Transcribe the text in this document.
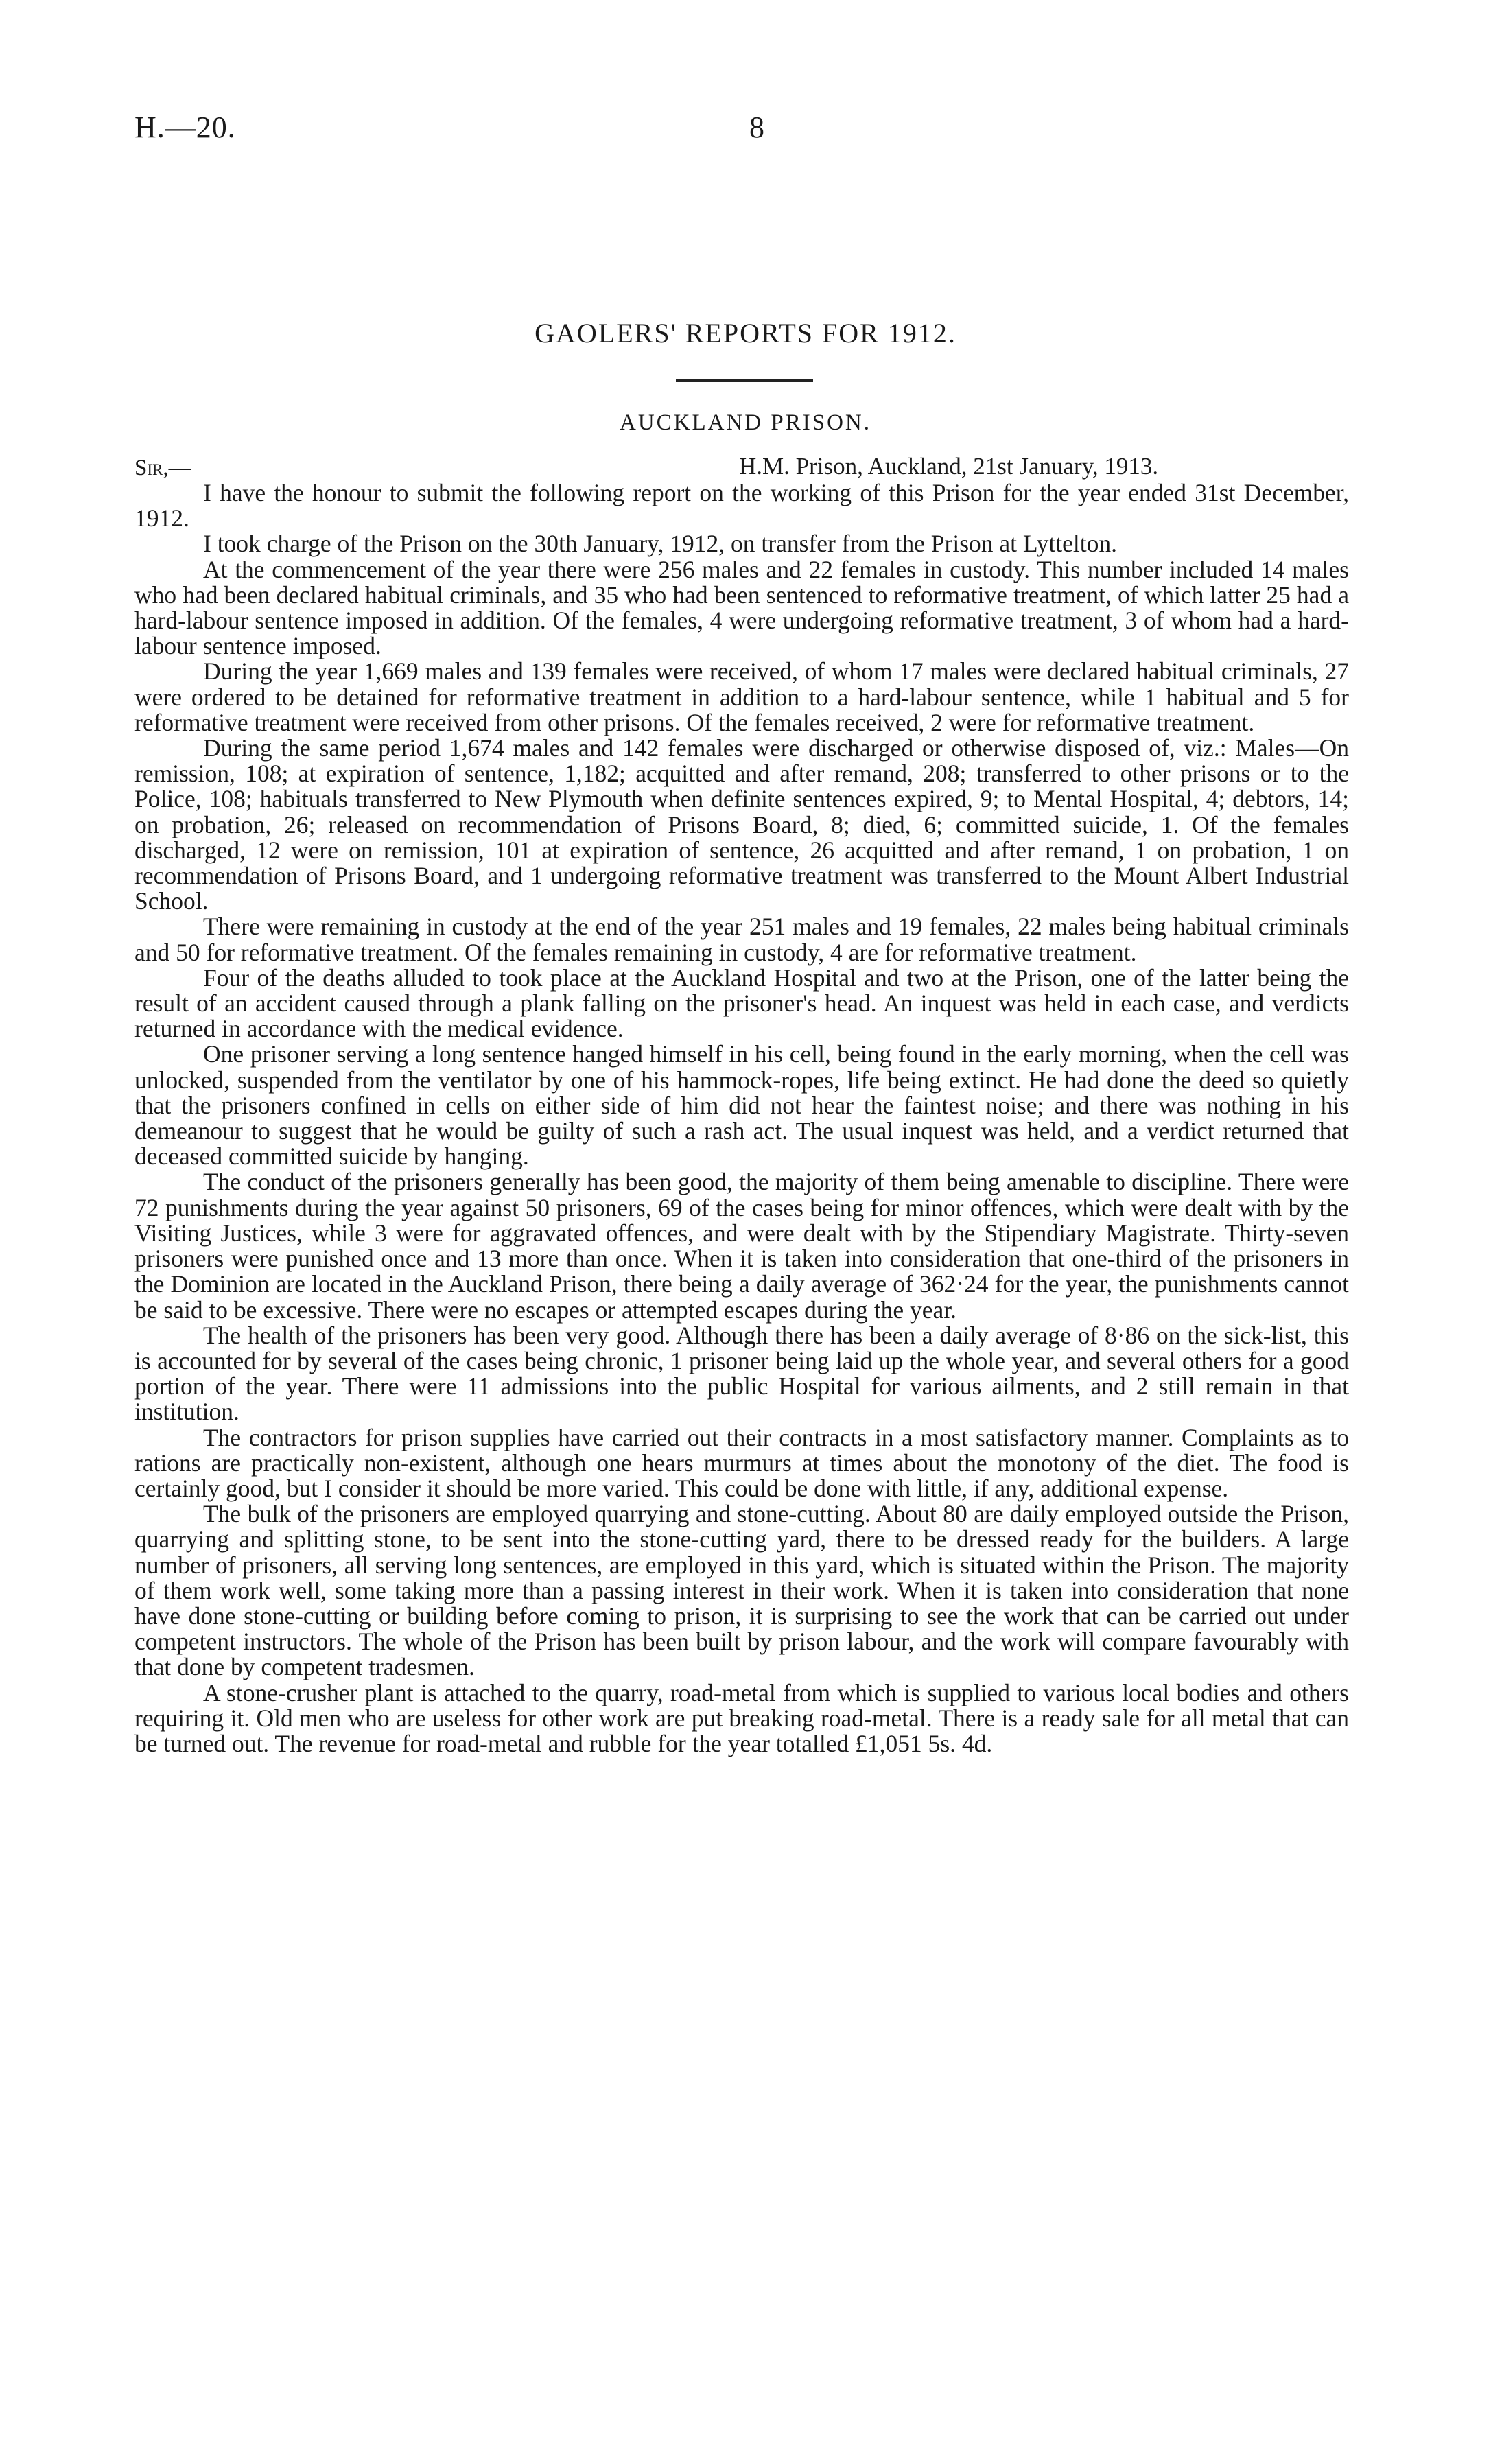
H.—20.	8
GAOLERS' REPORTS FOR 1912.
AUCKLAND PRISON.
Sir,—	H.M. Prison, Auckland, 21st January, 1913.

I have the honour to submit the following report on the working of this Prison for the year ended 31st December, 1912.

I took charge of the Prison on the 30th January, 1912, on transfer from the Prison at Lyttelton.

At the commencement of the year there were 256 males and 22 females in custody. This number included 14 males who had been declared habitual criminals, and 35 who had been sentenced to reformative treatment, of which latter 25 had a hard-labour sentence imposed in addition. Of the females, 4 were undergoing reformative treatment, 3 of whom had a hard-labour sentence imposed.

During the year 1,669 males and 139 females were received, of whom 17 males were declared habitual criminals, 27 were ordered to be detained for reformative treatment in addition to a hard-labour sentence, while 1 habitual and 5 for reformative treatment were received from other prisons. Of the females received, 2 were for reformative treatment.

During the same period 1,674 males and 142 females were discharged or otherwise disposed of, viz.: Males—On remission, 108; at expiration of sentence, 1,182; acquitted and after remand, 208; transferred to other prisons or to the Police, 108; habituals transferred to New Plymouth when definite sentences expired, 9; to Mental Hospital, 4; debtors, 14; on probation, 26; released on recommendation of Prisons Board, 8; died, 6; committed suicide, 1. Of the females discharged, 12 were on remission, 101 at expiration of sentence, 26 acquitted and after remand, 1 on probation, 1 on recommendation of Prisons Board, and 1 undergoing reformative treatment was transferred to the Mount Albert Industrial School.

There were remaining in custody at the end of the year 251 males and 19 females, 22 males being habitual criminals and 50 for reformative treatment. Of the females remaining in custody, 4 are for reformative treatment.

Four of the deaths alluded to took place at the Auckland Hospital and two at the Prison, one of the latter being the result of an accident caused through a plank falling on the prisoner's head. An inquest was held in each case, and verdicts returned in accordance with the medical evidence.

One prisoner serving a long sentence hanged himself in his cell, being found in the early morning, when the cell was unlocked, suspended from the ventilator by one of his hammock-ropes, life being extinct. He had done the deed so quietly that the prisoners confined in cells on either side of him did not hear the faintest noise; and there was nothing in his demeanour to suggest that he would be guilty of such a rash act. The usual inquest was held, and a verdict returned that deceased committed suicide by hanging.

The conduct of the prisoners generally has been good, the majority of them being amenable to discipline. There were 72 punishments during the year against 50 prisoners, 69 of the cases being for minor offences, which were dealt with by the Visiting Justices, while 3 were for aggravated offences, and were dealt with by the Stipendiary Magistrate. Thirty-seven prisoners were punished once and 13 more than once. When it is taken into consideration that one-third of the prisoners in the Dominion are located in the Auckland Prison, there being a daily average of 362·24 for the year, the punishments cannot be said to be excessive. There were no escapes or attempted escapes during the year.

The health of the prisoners has been very good. Although there has been a daily average of 8·86 on the sick-list, this is accounted for by several of the cases being chronic, 1 prisoner being laid up the whole year, and several others for a good portion of the year. There were 11 admissions into the public Hospital for various ailments, and 2 still remain in that institution.

The contractors for prison supplies have carried out their contracts in a most satisfactory manner. Complaints as to rations are practically non-existent, although one hears murmurs at times about the monotony of the diet. The food is certainly good, but I consider it should be more varied. This could be done with little, if any, additional expense.

The bulk of the prisoners are employed quarrying and stone-cutting. About 80 are daily employed outside the Prison, quarrying and splitting stone, to be sent into the stone-cutting yard, there to be dressed ready for the builders. A large number of prisoners, all serving long sentences, are employed in this yard, which is situated within the Prison. The majority of them work well, some taking more than a passing interest in their work. When it is taken into consideration that none have done stone-cutting or building before coming to prison, it is surprising to see the work that can be carried out under competent instructors. The whole of the Prison has been built by prison labour, and the work will compare favourably with that done by competent tradesmen.

A stone-crusher plant is attached to the quarry, road-metal from which is supplied to various local bodies and others requiring it. Old men who are useless for other work are put breaking road-metal. There is a ready sale for all metal that can be turned out. The revenue for road-metal and rubble for the year totalled £1,051 5s. 4d.
